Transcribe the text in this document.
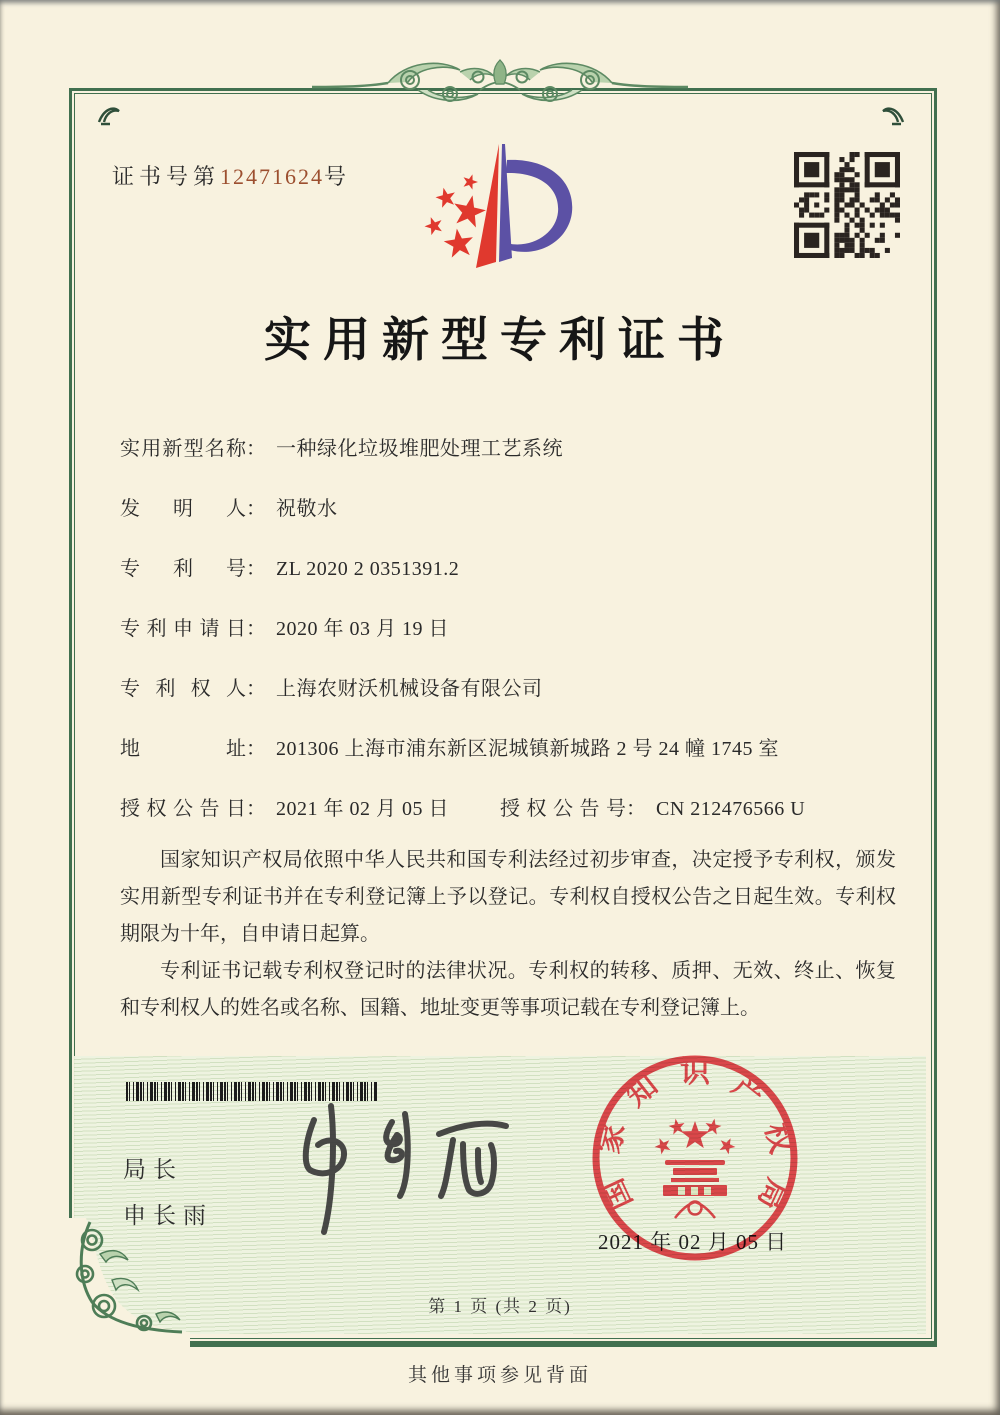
证书号第12471624号
实用新型专利证书
实用新型名称： 一种绿化垃圾堆肥处理工艺系统
发明人： 祝敬水
专利号： ZL 2020 2 0351391.2
专利申请日： 2020 年 03 月 19 日
专利权人： 上海农财沃机械设备有限公司
地址： 201306 上海市浦东新区泥城镇新城路 2 号 24 幢 1745 室
授权公告日： 2021 年 02 月 05 日	授权公告号： CN 212476566 U

国家知识产权局依照中华人民共和国专利法经过初步审查，决定授予专利权，颁发实用新型专利证书并在专利登记簿上予以登记。专利权自授权公告之日起生效。专利权期限为十年，自申请日起算。

专利证书记载专利权登记时的法律状况。专利权的转移、质押、无效、终止、恢复和专利权人的姓名或名称、国籍、地址变更等事项记载在专利登记簿上。

局长
申长雨
2021 年 02 月 05 日
国
家
知 识 产
权
局
第 1 页 (共 2 页)
其他事项参见背面
